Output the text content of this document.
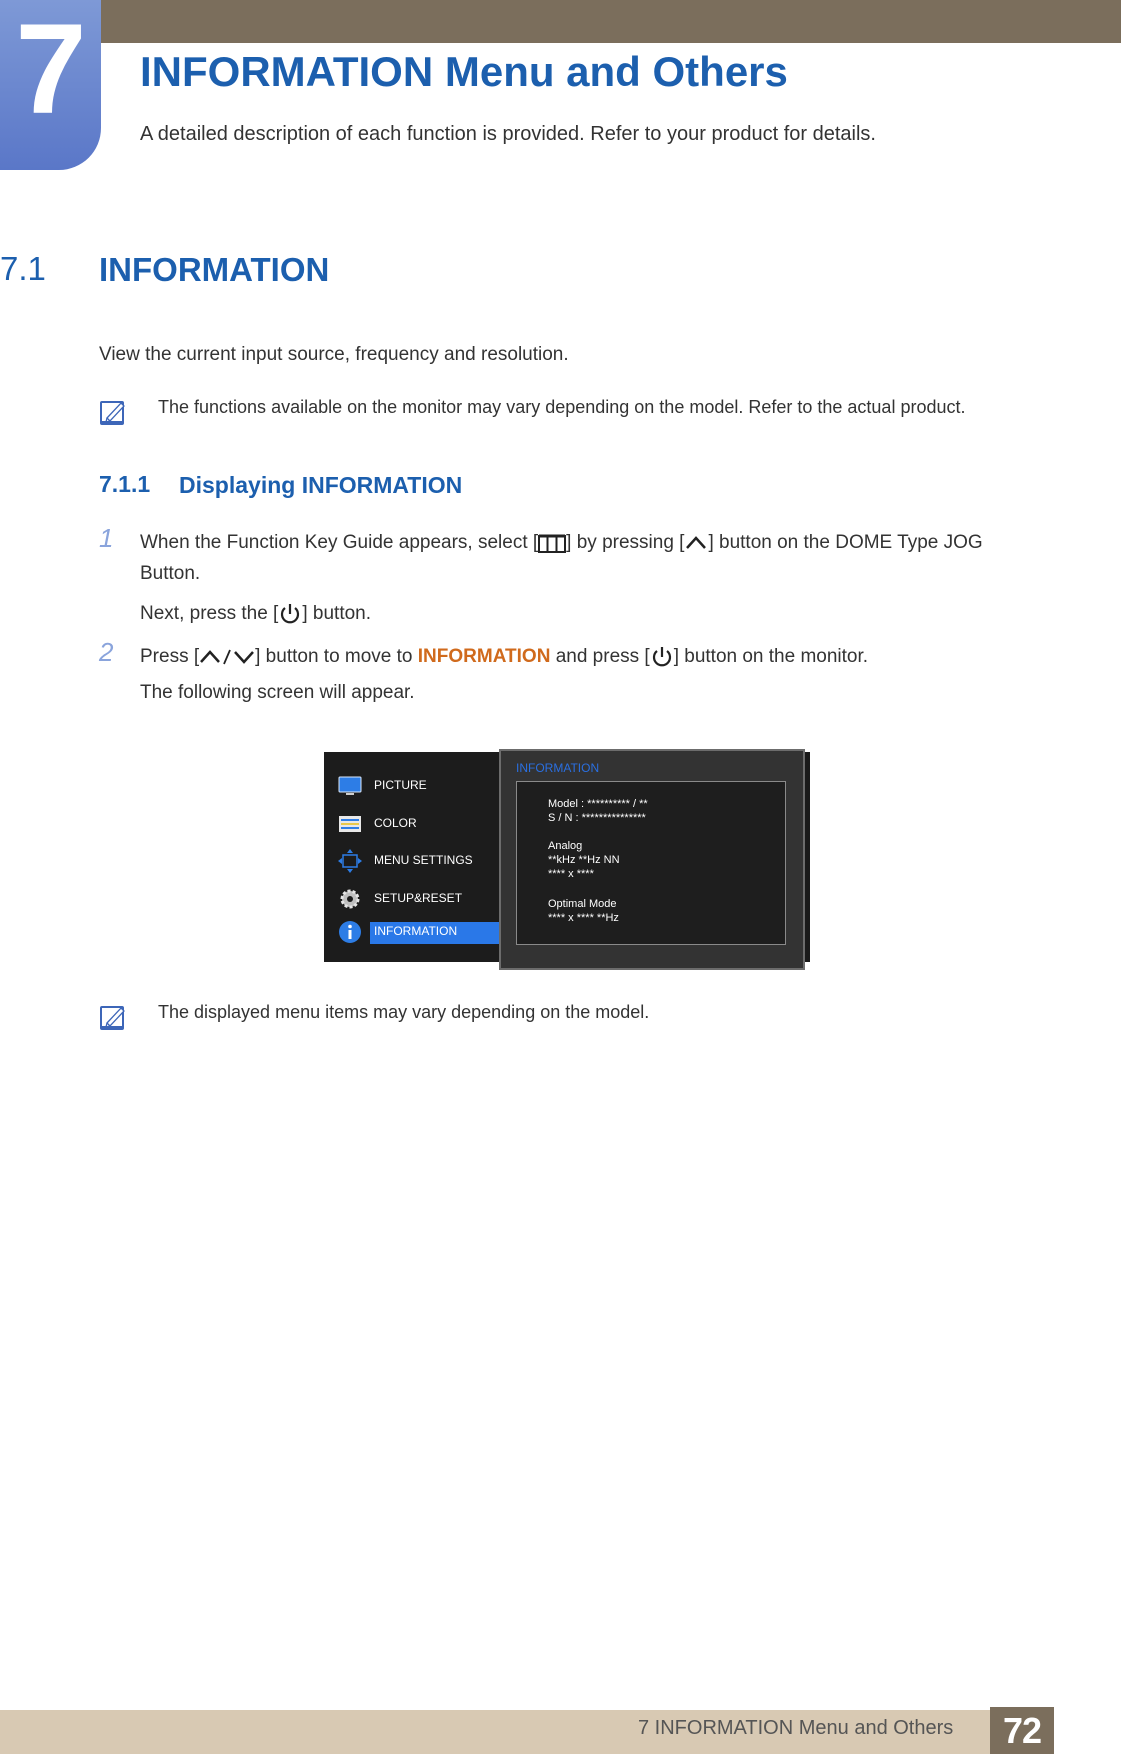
7 INFORMATION Menu and Others
A detailed description of each function is provided. Refer to your product for details.
7.1 INFORMATION
View the current input source, frequency and resolution.
The functions available on the monitor may vary depending on the model. Refer to the actual product.
7.1.1 Displaying INFORMATION
1 When the Function Key Guide appears, select [ ] by pressing [ ] button on the DOME Type JOG
Button.
Next, press the [ ] button.
2 Press [	] button to move to INFORMATION and press [ ] button on the monitor.
The following screen will appear.
PICTURE
COLOR
MENU SETTINGS
SETUP&RESET
INFORMATION
INFORMATION
Model : ********** / **
S / N : ***************
Analog
**kHz **Hz NN
**** x ****
Optimal Mode
**** x **** **Hz
The displayed menu items may vary depending on the model.
7 INFORMATION Menu and Others	72
